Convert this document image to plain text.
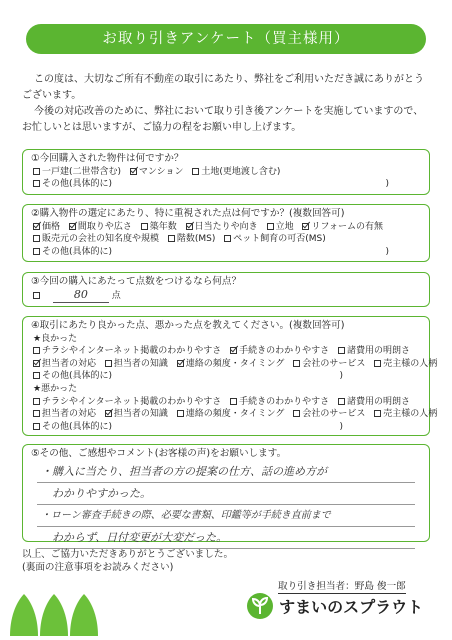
お取り引きアンケート（買主様用）
この度は、大切なご所有不動産の取引にあたり、弊社をご利用いただき誠にありがとうございます。
今後の対応改善のために、弊社において取り引き後アンケートを実施していますので、お忙しいとは思いますが、ご協力の程をお願い申し上げます。
①今回購入された物件は何ですか？
一戸建(二世帯含む) マンション 土地(更地渡し含む)
その他(具体的に)	)
②購入物件の選定にあたり、特に重視された点は何ですか？(複数回答可)
価格 間取りや広さ 築年数 日当たりや向き 立地 リフォームの有無
販売元の会社の知名度や規模 階数(MS) ペット飼育の可否(MS)
その他(具体的に)	)
③今回の購入にあたって点数をつけるなら何点？
80	点
④取引にあたり良かった点、悪かった点を教えてください。(複数回答可)
★良かった
チラシやインターネット掲載のわかりやすさ 手続きのわかりやすさ 諸費用の明朗さ
担当者の対応 担当者の知識 連絡の頻度・タイミング 会社のサービス 売主様の人柄
その他(具体的に)	)
★悪かった
チラシやインターネット掲載のわかりやすさ 手続きのわかりやすさ 諸費用の明朗さ
担当者の対応 担当者の知識 連絡の頻度・タイミング 会社のサービス 売主様の人柄
その他(具体的に)	)
⑤その他、ご感想やコメント(お客様の声)をお願いします。
・購入に当たり、担当者の方の提案の仕方、話の進め方が
　わかりやすかった。
・ローン審査手続きの際、必要な書類、印鑑等が手続き直前まで
　わからず、日付変更が大変だった。
以上、ご協力いただきありがとうございました。
(裏面の注意事項をお読みください)
取り引き担当者：野島 俊一郎
すまいのスプラウト
